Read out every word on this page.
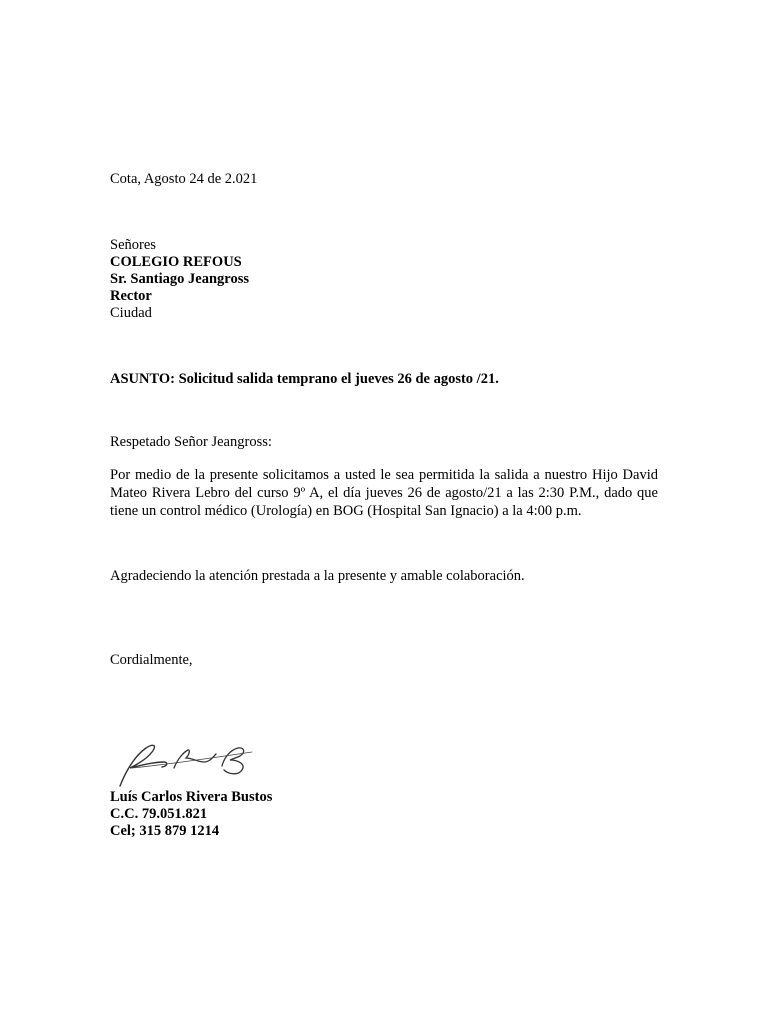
Cota, Agosto 24 de 2.021
Señores
COLEGIO REFOUS
Sr. Santiago Jeangross
Rector
Ciudad
ASUNTO: Solicitud salida temprano el jueves 26 de agosto /21.
Respetado Señor Jeangross:
Por medio de la presente solicitamos a usted le sea permitida la salida a nuestro Hijo David Mateo Rivera Lebro del curso 9º A, el día jueves 26 de agosto/21 a las 2:30 P.M., dado que tiene un control médico (Urología) en BOG (Hospital San Ignacio) a la 4:00 p.m.
Agradeciendo la atención prestada a la presente y amable colaboración.
Cordialmente,
Luís Carlos Rivera Bustos
C.C. 79.051.821
Cel; 315 879 1214
